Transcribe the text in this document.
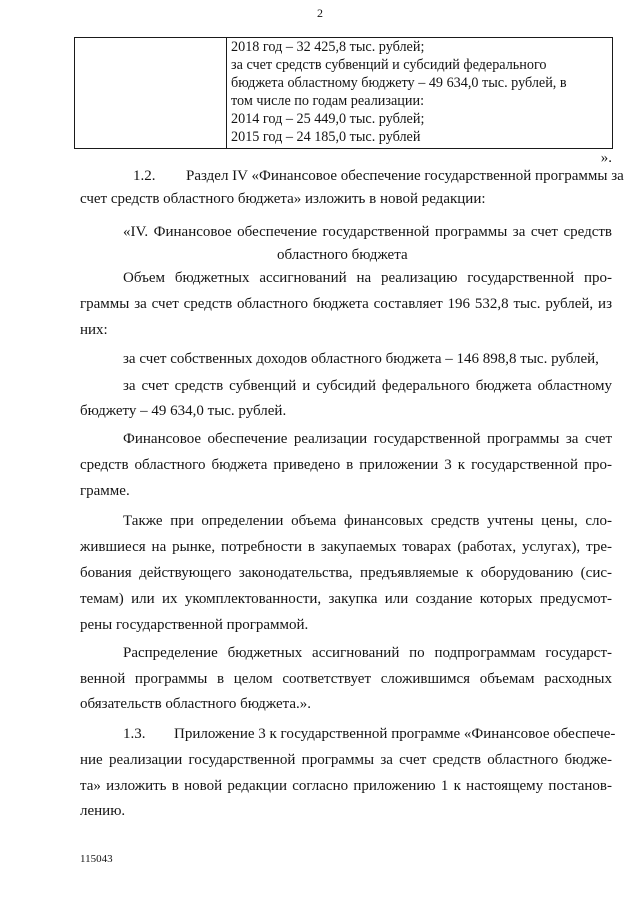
2

2018 год – 32 425,8 тыс. рублей;
за счет средств субвенций и субсидий федерального
бюджета областному бюджету – 49 634,0 тыс. рублей, в
том числе по годам реализации:
2014 год – 25 449,0 тыс. рублей;
2015 год – 24 185,0 тыс. рублей
».
1.2. Раздел IV «Финансовое обеспечение государственной программы за
счет средств областного бюджета» изложить в новой редакции:
«IV. Финансовое обеспечение государственной программы за счет средств
областного бюджета
Объем бюджетных ассигнований на реализацию государственной про-
граммы за счет средств областного бюджета составляет 196 532,8 тыс. рублей, из
них:
за счет собственных доходов областного бюджета – 146 898,8 тыс. рублей,
за счет средств субвенций и субсидий федерального бюджета областному
бюджету – 49 634,0 тыс. рублей.
Финансовое обеспечение реализации государственной программы за счет
средств областного бюджета приведено в приложении 3 к государственной про-
грамме.
Также при определении объема финансовых средств учтены цены, сло-
жившиеся на рынке, потребности в закупаемых товарах (работах, услугах), тре-
бования действующего законодательства, предъявляемые к оборудованию (сис-
темам) или их укомплектованности, закупка или создание которых предусмот-
рены государственной программой.
Распределение бюджетных ассигнований по подпрограммам государст-
венной программы в целом соответствует сложившимся объемам расходных
обязательств областного бюджета.».
1.3. Приложение 3 к государственной программе «Финансовое обеспече-
ние реализации государственной программы за счет средств областного бюдже-
та» изложить в новой редакции согласно приложению 1 к настоящему постанов-
лению.
115043
